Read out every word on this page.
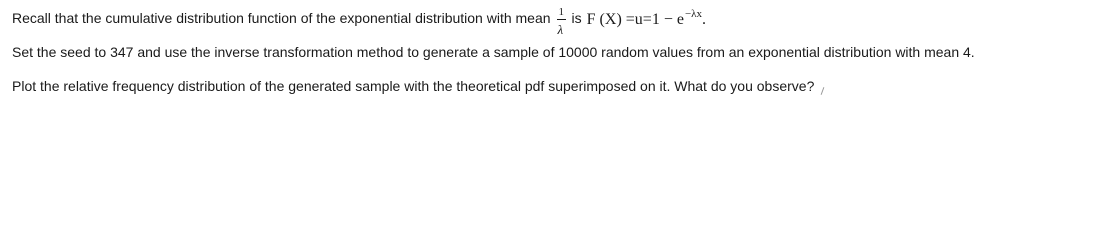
Recall that the cumulative distribution function of the exponential distribution with mean $\frac{1}{\lambda}$ is F $(X) =u=1 - e^{-\lambda x}$.
Set the seed to 347 and use the inverse transformation method to generate a sample of 10000 random values from an exponential distribution with mean 4.
Plot the relative frequency distribution of the generated sample with the theoretical pdf superimposed on it. What do you observe?
